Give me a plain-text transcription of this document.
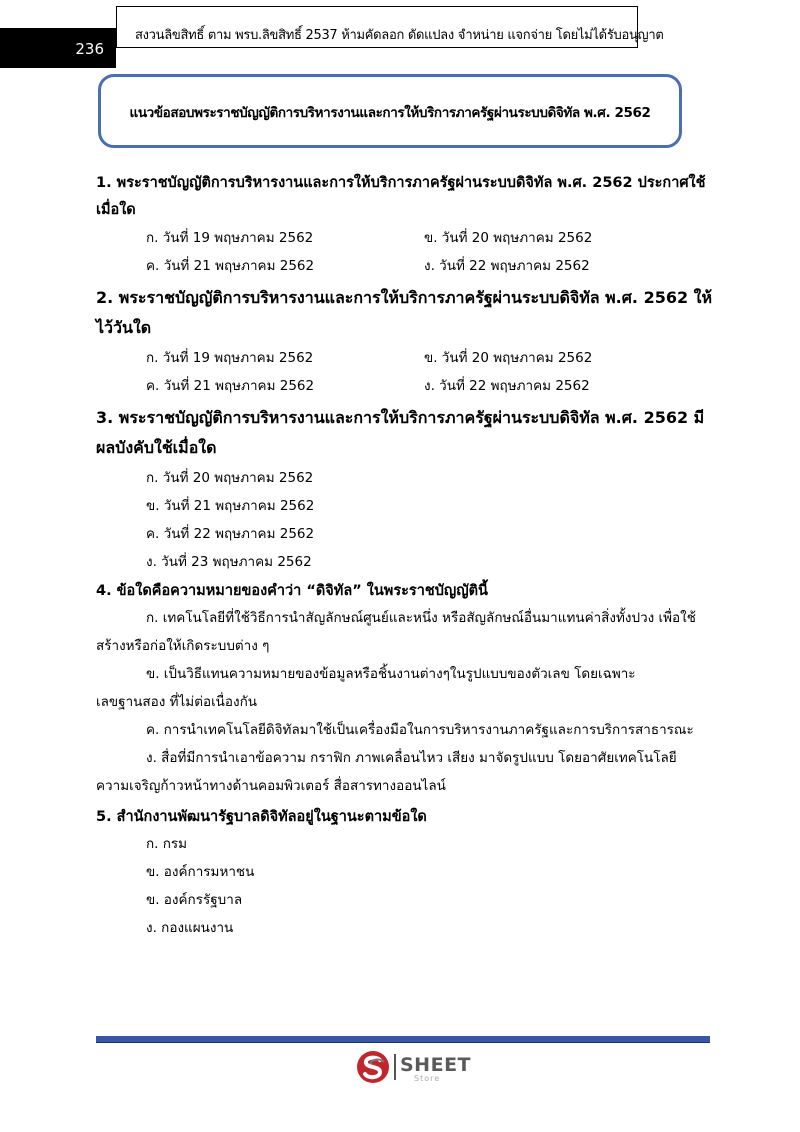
236
สงวนลิขสิทธิ์ ตาม พรบ.ลิขสิทธิ์ 2537 ห้ามคัดลอก ดัดแปลง จำหน่าย แจกจ่าย โดยไม่ได้รับอนุญาต
แนวข้อสอบพระราชบัญญัติการบริหารงานและการให้บริการภาครัฐผ่านระบบดิจิทัล พ.ศ. 2562
1. พระราชบัญญัติการบริหารงานและการให้บริการภาครัฐผ่านระบบดิจิทัล พ.ศ. 2562 ประกาศใช้
เมื่อใด
ก. วันที่ 19 พฤษภาคม 2562	ข. วันที่ 20 พฤษภาคม 2562
ค. วันที่ 21 พฤษภาคม 2562	ง. วันที่ 22 พฤษภาคม 2562
2. พระราชบัญญัติการบริหารงานและการให้บริการภาครัฐผ่านระบบดิจิทัล พ.ศ. 2562 ให้
ไว้วันใด
ก. วันที่ 19 พฤษภาคม 2562	ข. วันที่ 20 พฤษภาคม 2562
ค. วันที่ 21 พฤษภาคม 2562	ง. วันที่ 22 พฤษภาคม 2562
3. พระราชบัญญัติการบริหารงานและการให้บริการภาครัฐผ่านระบบดิจิทัล พ.ศ. 2562 มี
ผลบังคับใช้เมื่อใด
ก. วันที่ 20 พฤษภาคม 2562
ข. วันที่ 21 พฤษภาคม 2562
ค. วันที่ 22 พฤษภาคม 2562
ง. วันที่ 23 พฤษภาคม 2562
4. ข้อใดคือความหมายของคำว่า “ดิจิทัล” ในพระราชบัญญัตินี้
ก. เทคโนโลยีที่ใช้วิธีการนำสัญลักษณ์ศูนย์และหนึ่ง หรือสัญลักษณ์อื่นมาแทนค่าสิ่งทั้งปวง เพื่อใช้
สร้างหรือก่อให้เกิดระบบต่าง ๆ
ข. เป็นวิธีแทนความหมายของข้อมูลหรือชิ้นงานต่างๆในรูปแบบของตัวเลข โดยเฉพาะ
เลขฐานสอง ที่ไม่ต่อเนื่องกัน
ค. การนำเทคโนโลยีดิจิทัลมาใช้เป็นเครื่องมือในการบริหารงานภาครัฐและการบริการสาธารณะ
ง. สื่อที่มีการนำเอาข้อความ กราฟิก ภาพเคลื่อนไหว เสียง มาจัดรูปแบบ โดยอาศัยเทคโนโลยี
ความเจริญก้าวหน้าทางด้านคอมพิวเตอร์ สื่อสารทางออนไลน์
5. สำนักงานพัฒนารัฐบาลดิจิทัลอยู่ในฐานะตามข้อใด
ก. กรม
ข. องค์การมหาชน
ข. องค์กรรัฐบาล
ง. กองแผนงาน
SHEET
Store
